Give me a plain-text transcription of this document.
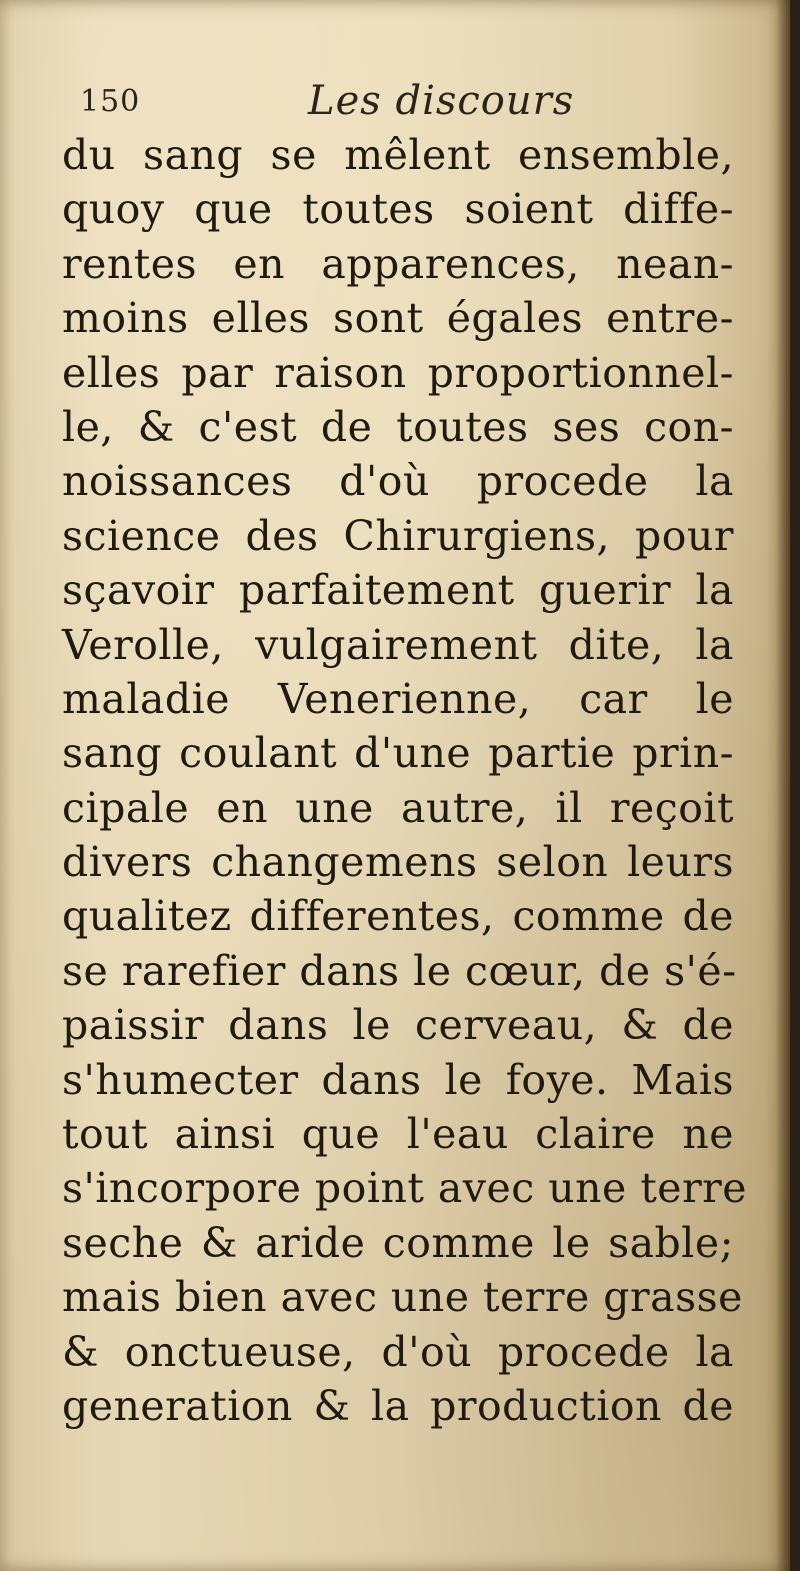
150	Les discours
du sang se mêlent ensemble,
quoy que toutes soient diffe-
rentes en apparences, nean-
moins elles sont égales entre-
elles par raison proportionnel-
le, & c'est de toutes ses con-
noissances d'où procede la
science des Chirurgiens, pour
sçavoir parfaitement guerir la
Verolle, vulgairement dite, la
maladie Venerienne, car le
sang coulant d'une partie prin-
cipale en une autre, il reçoit
divers changemens selon leurs
qualitez differentes, comme de
se rarefier dans le cœur, de s'é-
paissir dans le cerveau, & de
s'humecter dans le foye. Mais
tout ainsi que l'eau claire ne
s'incorpore point avec une terre
seche & aride comme le sable;
mais bien avec une terre grasse
& onctueuse, d'où procede la
generation & la production de
